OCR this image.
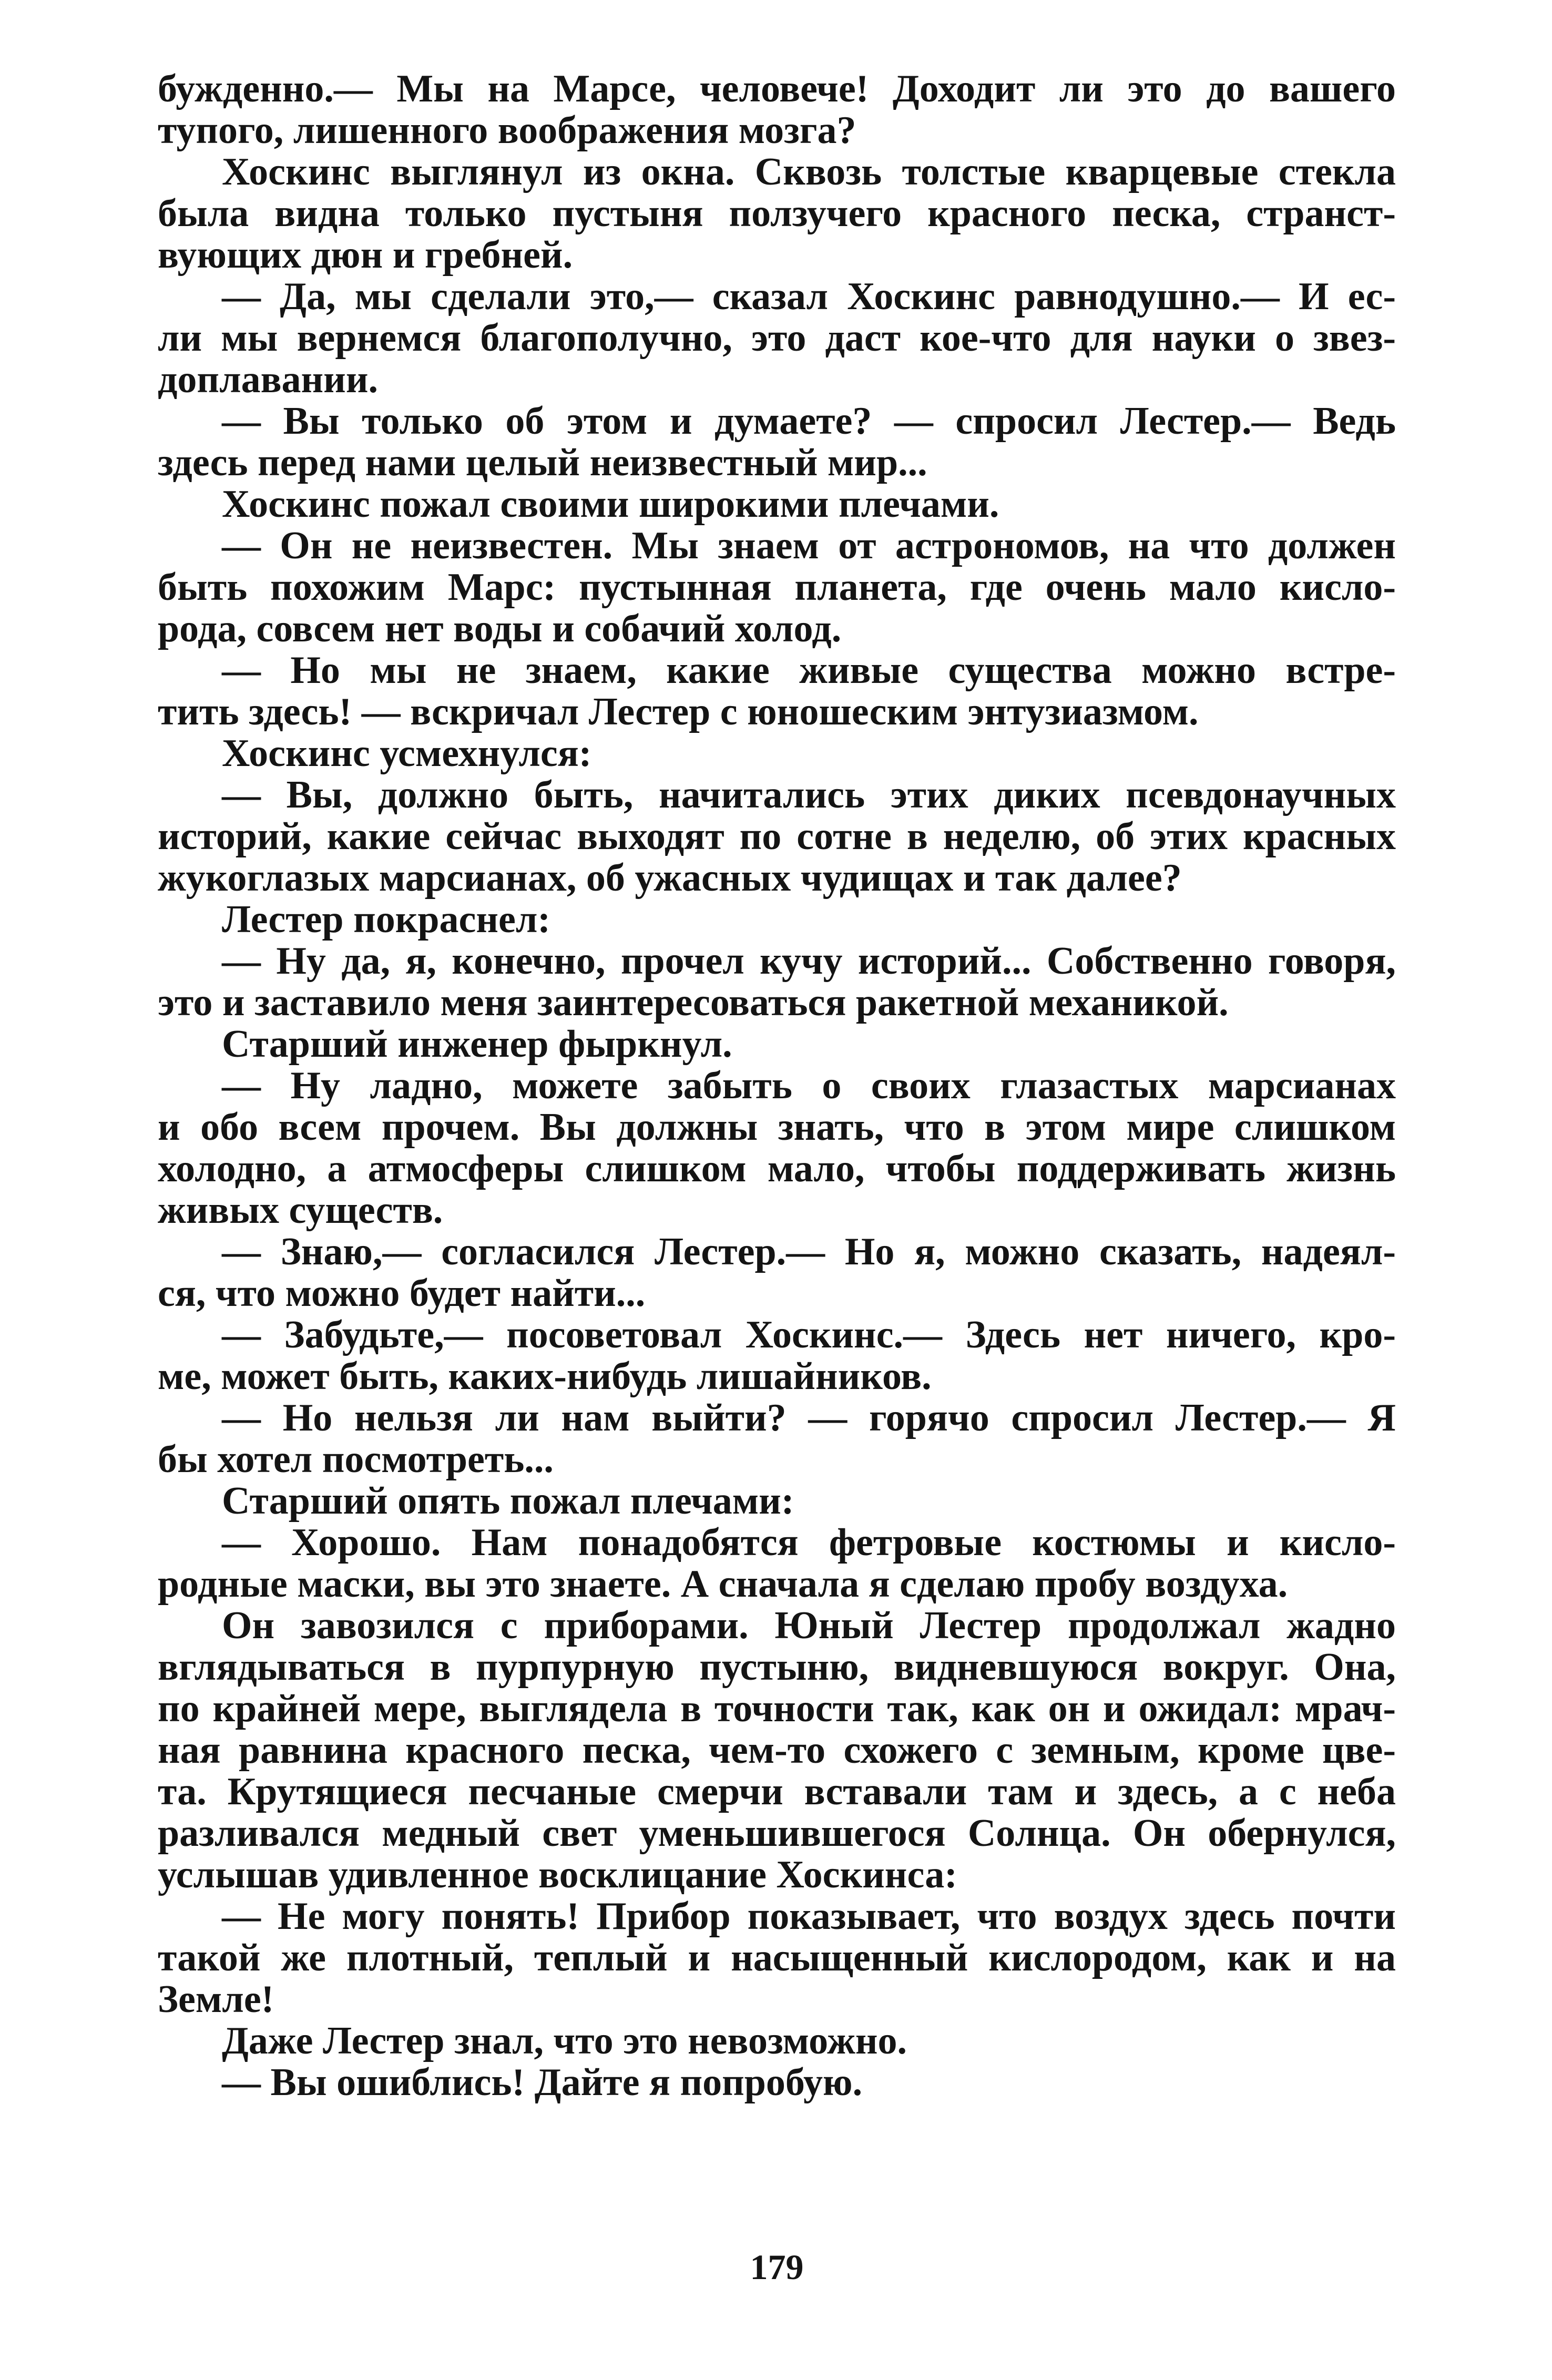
бужденно.— Мы на Марсе, человече! Доходит ли это до вашего
тупого, лишенного воображения мозга?
Хоскинс выглянул из окна. Сквозь толстые кварцевые стекла
была видна только пустыня ползучего красного песка, странст-
вующих дюн и гребней.
— Да, мы сделали это,— сказал Хоскинс равнодушно.— И ес-
ли мы вернемся благополучно, это даст кое-что для науки о звез-
доплавании.
— Вы только об этом и думаете? — спросил Лестер.— Ведь
здесь перед нами целый неизвестный мир...
Хоскинс пожал своими широкими плечами.
— Он не неизвестен. Мы знаем от астрономов, на что должен
быть похожим Марс: пустынная планета, где очень мало кисло-
рода, совсем нет воды и собачий холод.
— Но мы не знаем, какие живые существа можно встре-
тить здесь! — вскричал Лестер с юношеским энтузиазмом.
Хоскинс усмехнулся:
— Вы, должно быть, начитались этих диких псевдонаучных
историй, какие сейчас выходят по сотне в неделю, об этих красных
жукоглазых марсианах, об ужасных чудищах и так далее?
Лестер покраснел:
— Ну да, я, конечно, прочел кучу историй... Собственно говоря,
это и заставило меня заинтересоваться ракетной механикой.
Старший инженер фыркнул.
— Ну ладно, можете забыть о своих глазастых марсианах
и обо всем прочем. Вы должны знать, что в этом мире слишком
холодно, а атмосферы слишком мало, чтобы поддерживать жизнь
живых существ.
— Знаю,— согласился Лестер.— Но я, можно сказать, надеял-
ся, что можно будет найти...
— Забудьте,— посоветовал Хоскинс.— Здесь нет ничего, кро-
ме, может быть, каких-нибудь лишайников.
— Но нельзя ли нам выйти? — горячо спросил Лестер.— Я
бы хотел посмотреть...
Старший опять пожал плечами:
— Хорошо. Нам понадобятся фетровые костюмы и кисло-
родные маски, вы это знаете. А сначала я сделаю пробу воздуха.
Он завозился с приборами. Юный Лестер продолжал жадно
вглядываться в пурпурную пустыню, видневшуюся вокруг. Она,
по крайней мере, выглядела в точности так, как он и ожидал: мрач-
ная равнина красного песка, чем-то схожего с земным, кроме цве-
та. Крутящиеся песчаные смерчи вставали там и здесь, а с неба
разливался медный свет уменьшившегося Солнца. Он обернулся,
услышав удивленное восклицание Хоскинса:
— Не могу понять! Прибор показывает, что воздух здесь почти
такой же плотный, теплый и насыщенный кислородом, как и на
Земле!
Даже Лестер знал, что это невозможно.
— Вы ошиблись! Дайте я попробую.
179
